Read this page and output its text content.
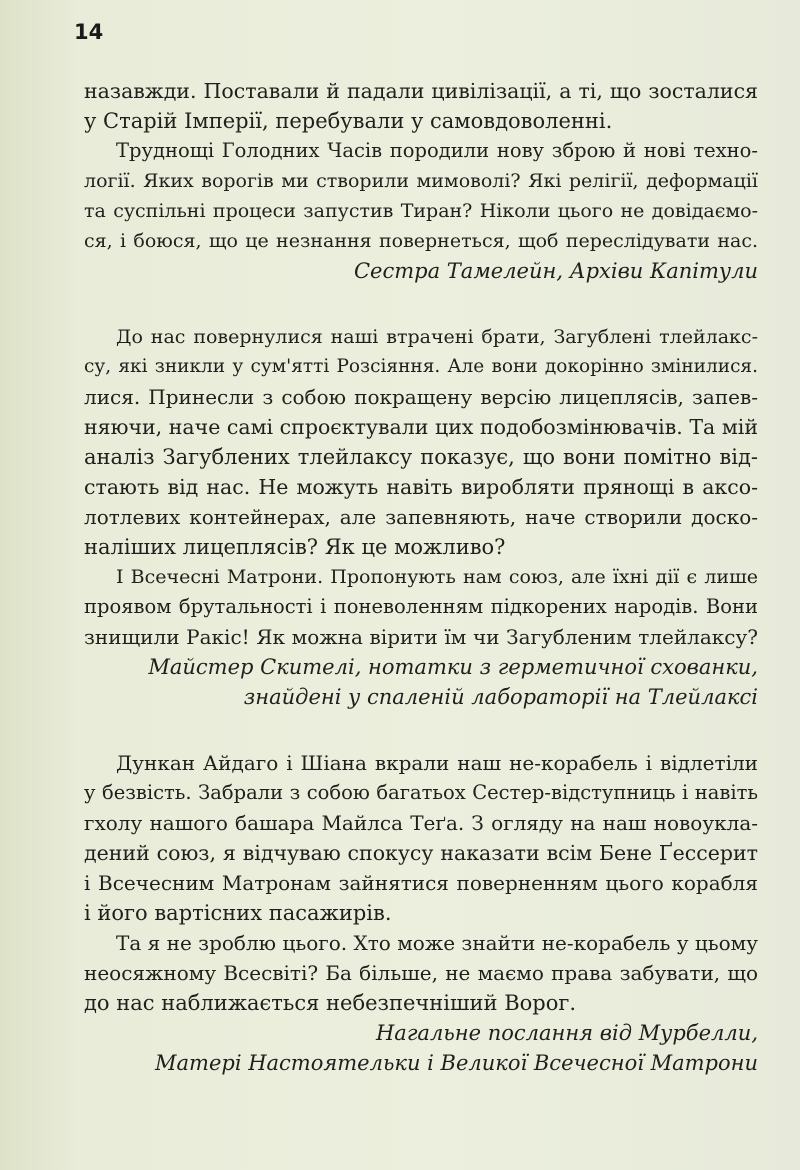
14
назавжди. Поставали й падали цивілізації, а ті, що зосталися
у Старій Імперії, перебували у самовдоволенні.
Труднощі Голодних Часів породили нову зброю й нові техно-
логії. Яких ворогів ми створили мимоволі? Які релігії, деформації
та суспільні процеси запустив Тиран? Ніколи цього не довідаємо-
ся, і боюся, що це незнання повернеться, щоб переслідувати нас.
Сестра Тамелейн, Архіви Капітули
До нас повернулися наші втрачені брати, Загублені тлейлакс-
су, які зникли у сум'ятті Розсіяння. Але вони докорінно змінилися.
лися. Принесли з собою покращену версію лицеплясів, запев-
няючи, наче самі спроєктували цих подобозмінювачів. Та мій
аналіз Загублених тлейлаксу показує, що вони помітно від-
стають від нас. Не можуть навіть виробляти прянощі в аксо-
лотлевих контейнерах, але запевняють, наче створили доско-
наліших лицеплясів? Як це можливо?
І Всечесні Матрони. Пропонують нам союз, але їхні дії є лише
проявом брутальності і поневоленням підкорених народів. Вони
знищили Ракіс! Як можна вірити їм чи Загубленим тлейлаксу?
Майстер Скителі, нотатки з герметичної схованки,
знайдені у спаленій лабораторії на Тлейлаксі
Дункан Айдаго і Шіана вкрали наш не-корабель і відлетіли
у безвість. Забрали з собою багатьох Сестер-відступниць і навіть
гхолу нашого башара Майлса Теґа. З огляду на наш новоукла-
дений союз, я відчуваю спокусу наказати всім Бене Ґессерит
і Всечесним Матронам зайнятися поверненням цього корабля
і його вартісних пасажирів.
Та я не зроблю цього. Хто може знайти не-корабель у цьому
неосяжному Всесвіті? Ба більше, не маємо права забувати, що
до нас наближається небезпечніший Ворог.
Нагальне послання від Мурбелли,
Матері Настоятельки і Великої Всечесної Матрони
